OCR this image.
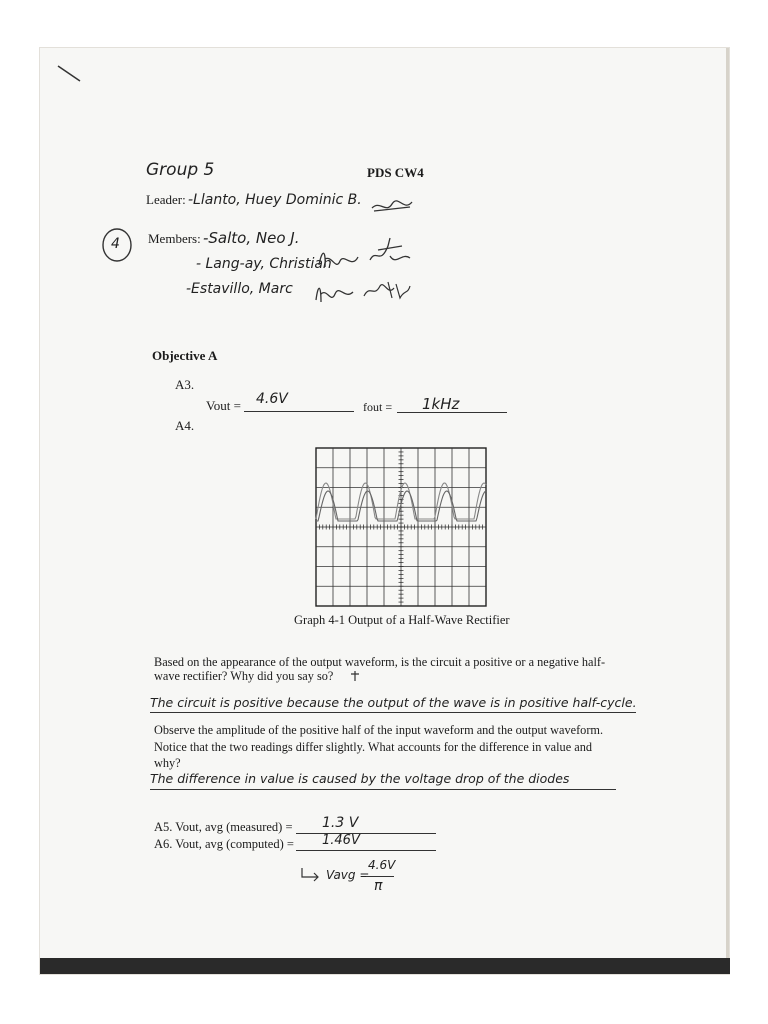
Group 5	PDS CW4
Leader: -Llanto, Huey Dominic B.
4 Members: -Salto, Neo J.
- Lang-ay, Christian
-Estavillo, Marc
Objective A
A3.
Vout = 4.6V	fout = 1kHz
A4.
Graph 4-1 Output of a Half-Wave Rectifier
Based on the appearance of the output waveform, is the circuit a positive or a negative half-
wave rectifier? Why did you say so?
The circuit is positive because the output of the wave is in positive half-cycle.
Observe the amplitude of the positive half of the input waveform and the output waveform.
Notice that the two readings differ slightly. What accounts for the difference in value and
why?
The difference in value is caused by the voltage drop of the diodes
A5. Vout, avg (measured) = 1.3 V
A6. Vout, avg (computed) = 1.46V
Vavg =
4.6V
π
